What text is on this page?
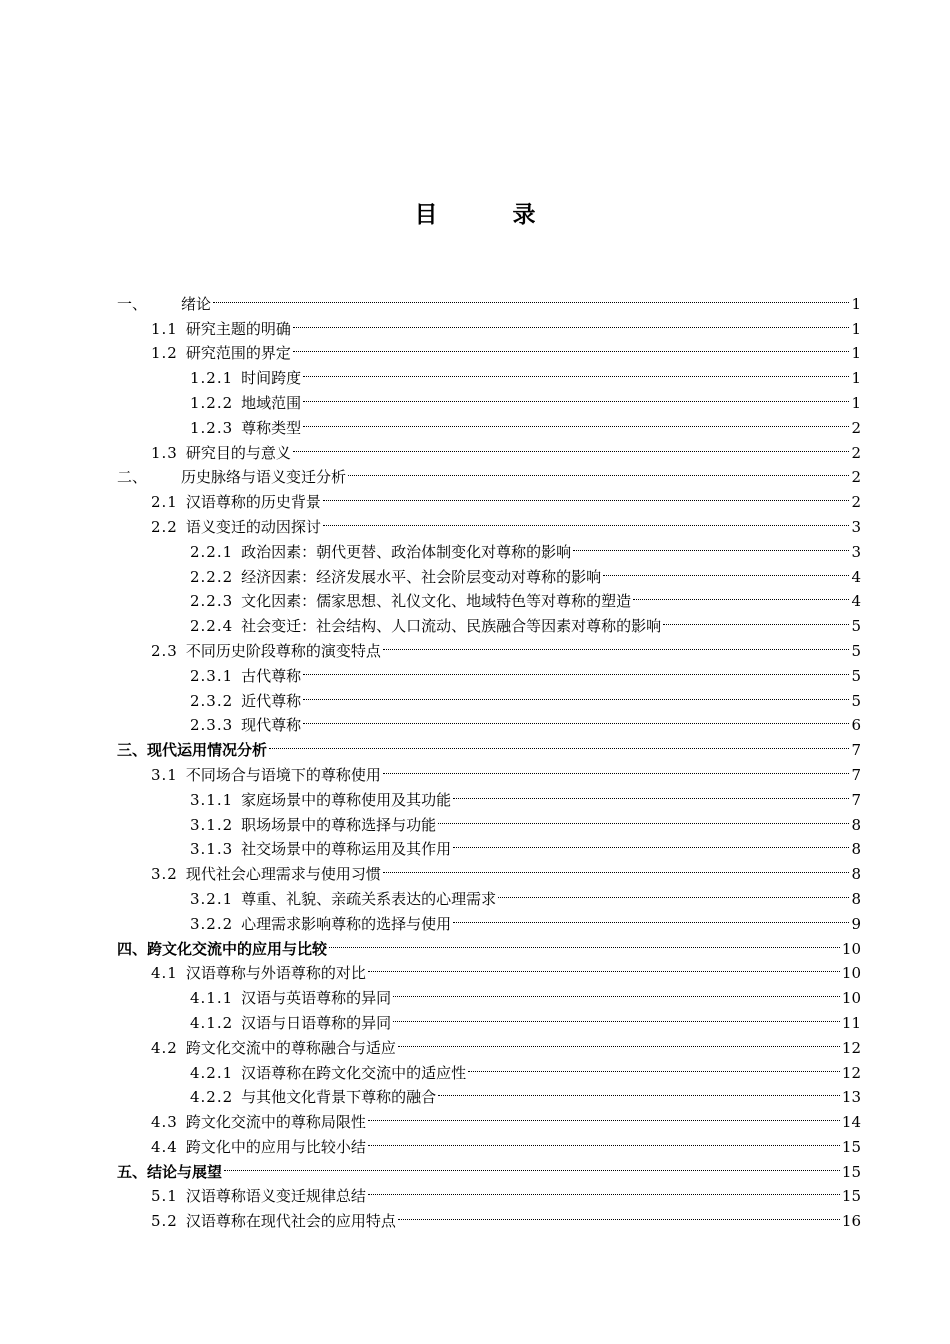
目　录
一、	绪论	1
1.1 研究主题的明确	1
1.2 研究范围的界定	1
1.2.1 时间跨度	1
1.2.2 地域范围	1
1.2.3 尊称类型	2
1.3 研究目的与意义	2
二、	历史脉络与语义变迁分析	2
2.1 汉语尊称的历史背景	2
2.2 语义变迁的动因探讨	3
2.2.1 政治因素：朝代更替、政治体制变化对尊称的影响	3
2.2.2 经济因素：经济发展水平、社会阶层变动对尊称的影响	4
2.2.3 文化因素：儒家思想、礼仪文化、地域特色等对尊称的塑造	4
2.2.4 社会变迁：社会结构、人口流动、民族融合等因素对尊称的影响	5
2.3 不同历史阶段尊称的演变特点	5
2.3.1 古代尊称	5
2.3.2 近代尊称	5
2.3.3 现代尊称	6
三、现代运用情况分析	7
3.1 不同场合与语境下的尊称使用	7
3.1.1 家庭场景中的尊称使用及其功能	7
3.1.2 职场场景中的尊称选择与功能	8
3.1.3 社交场景中的尊称运用及其作用	8
3.2 现代社会心理需求与使用习惯	8
3.2.1 尊重、礼貌、亲疏关系表达的心理需求	8
3.2.2 心理需求影响尊称的选择与使用	9
四、跨文化交流中的应用与比较	10
4.1 汉语尊称与外语尊称的对比	10
4.1.1 汉语与英语尊称的异同	10
4.1.2 汉语与日语尊称的异同	11
4.2 跨文化交流中的尊称融合与适应	12
4.2.1 汉语尊称在跨文化交流中的适应性	12
4.2.2 与其他文化背景下尊称的融合	13
4.3 跨文化交流中的尊称局限性	14
4.4 跨文化中的应用与比较小结	15
五、结论与展望	15
5.1 汉语尊称语义变迁规律总结	15
5.2 汉语尊称在现代社会的应用特点	16
